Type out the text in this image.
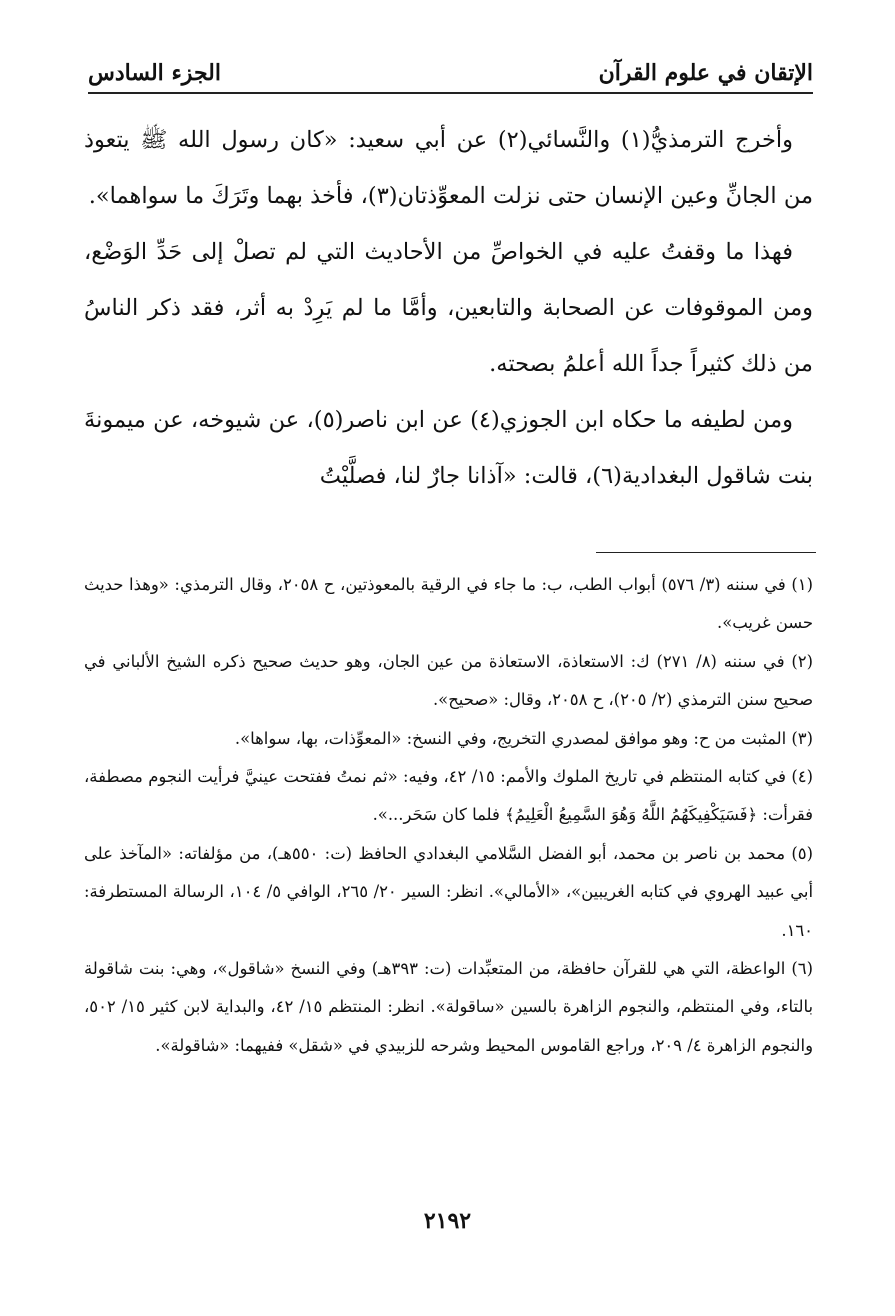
الإتقان في علوم القرآن
الجزء السادس

وأخرج الترمذيُّ(١) والنَّسائي(٢) عن أبي سعيد: «كان رسول الله ﷺ يتعوذ من الجانِّ وعين الإنسان حتى نزلت المعوِّذتان(٣)، فأخذ بهما وتَرَكَ ما سواهما».

فهذا ما وقفتُ عليه في الخواصِّ من الأحاديث التي لم تصلْ إلى حَدِّ الوَضْع، ومن الموقوفات عن الصحابة والتابعين، وأمَّا ما لم يَرِدْ به أثر، فقد ذكر الناسُ من ذلك كثيراً جداً الله أعلمُ بصحته.

ومن لطيفه ما حكاه ابن الجوزي(٤) عن ابن ناصر(٥)، عن شيوخه، عن ميمونةَ بنت شاقول البغدادية(٦)، قالت: «آذانا جارٌ لنا، فصلَّيْتُ

(١) في سننه (٣/ ٥٧٦) أبواب الطب، ب: ما جاء في الرقية بالمعوذتين، ح ٢٠٥٨، وقال الترمذي: «وهذا حديث حسن غريب».

(٢) في سننه (٨/ ٢٧١) ك: الاستعاذة، الاستعاذة من عين الجان، وهو حديث صحيح ذكره الشيخ الألباني في صحيح سنن الترمذي (٢/ ٢٠٥)، ح ٢٠٥٨، وقال: «صحيح».

(٣) المثبت من ح: وهو موافق لمصدري التخريج، وفي النسخ: «المعوِّذات، بها، سواها».

(٤) في كتابه المنتظم في تاريخ الملوك والأمم: ١٥/ ٤٢، وفيه: «ثم نمتُ ففتحت عينيَّ فرأيت النجوم مصطفة، فقرأت: ﴿فَسَيَكْفِيكَهُمُ اللَّهُ وَهُوَ السَّمِيعُ الْعَلِيمُ﴾ فلما كان سَحَر...».

(٥) محمد بن ناصر بن محمد، أبو الفضل السَّلامي البغدادي الحافظ (ت: ٥٥٠هـ)، من مؤلفاته: «المآخذ على أبي عبيد الهروي في كتابه الغريبين»، «الأمالي». انظر: السير ٢٠/ ٢٦٥، الوافي ٥/ ١٠٤، الرسالة المستطرفة: ١٦٠.

(٦) الواعظة، التي هي للقرآن حافظة، من المتعبِّدات (ت: ٣٩٣هـ) وفي النسخ «شاقول»، وهي: بنت شاقولة بالتاء، وفي المنتظم، والنجوم الزاهرة بالسين «ساقولة». انظر: المنتظم ١٥/ ٤٢، والبداية لابن كثير ١٥/ ٥٠٢، والنجوم الزاهرة ٤/ ٢٠٩، وراجع القاموس المحيط وشرحه للزبيدي في «شقل» ففيهما: «شاقولة».

٢١٩٢
